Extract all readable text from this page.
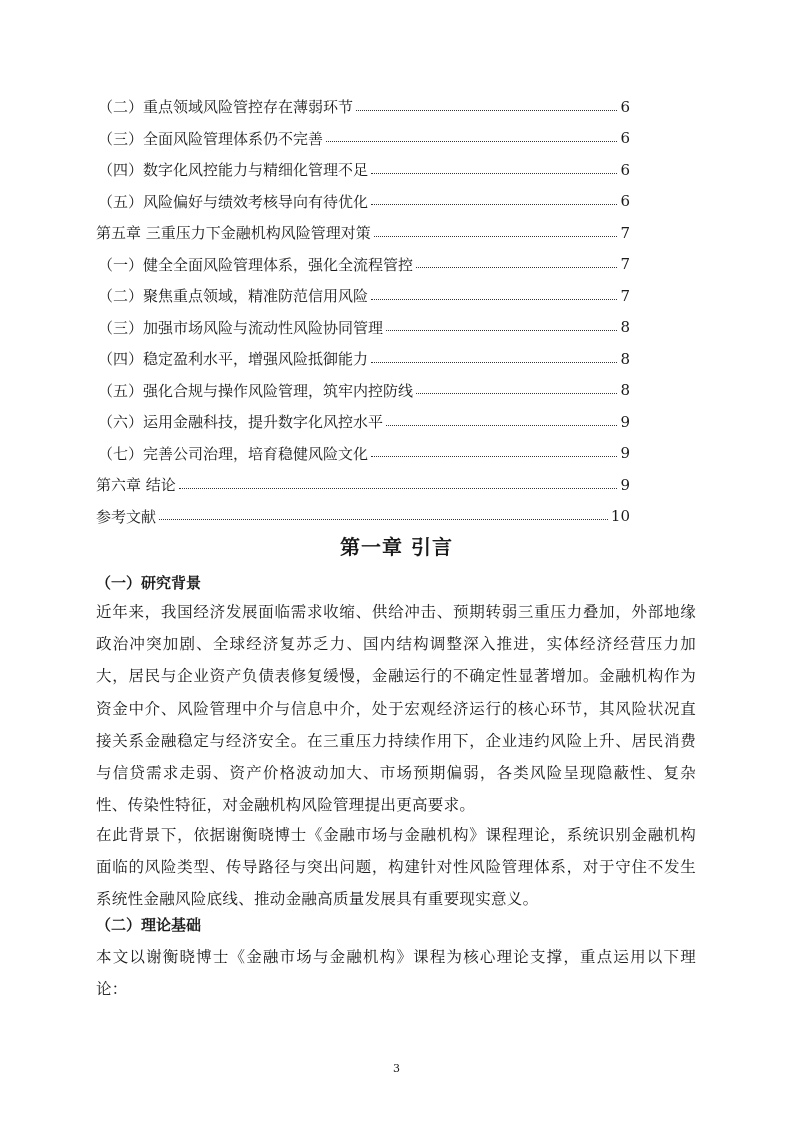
（二）重点领域风险管控存在薄弱环节	6
（三）全面风险管理体系仍不完善	6
（四）数字化风控能力与精细化管理不足	6
（五）风险偏好与绩效考核导向有待优化	6
第五章 三重压力下金融机构风险管理对策	7
（一）健全全面风险管理体系，强化全流程管控	7
（二）聚焦重点领域，精准防范信用风险	7
（三）加强市场风险与流动性风险协同管理	8
（四）稳定盈利水平，增强风险抵御能力	8
（五）强化合规与操作风险管理，筑牢内控防线	8
（六）运用金融科技，提升数字化风控水平	9
（七）完善公司治理，培育稳健风险文化	9
第六章 结论	9
参考文献	10
第一章 引言
（一）研究背景
近年来，我国经济发展面临需求收缩、供给冲击、预期转弱三重压力叠加，外部地缘政治冲突加剧、全球经济复苏乏力、国内结构调整深入推进，实体经济经营压力加大，居民与企业资产负债表修复缓慢，金融运行的不确定性显著增加。金融机构作为资金中介、风险管理中介与信息中介，处于宏观经济运行的核心环节，其风险状况直接关系金融稳定与经济安全。在三重压力持续作用下，企业违约风险上升、居民消费与信贷需求走弱、资产价格波动加大、市场预期偏弱，各类风险呈现隐蔽性、复杂性、传染性特征，对金融机构风险管理提出更高要求。
在此背景下，依据谢衡晓博士《金融市场与金融机构》课程理论，系统识别金融机构面临的风险类型、传导路径与突出问题，构建针对性风险管理体系，对于守住不发生系统性金融风险底线、推动金融高质量发展具有重要现实意义。
（二）理论基础
本文以谢衡晓博士《金融市场与金融机构》课程为核心理论支撑，重点运用以下理论：
3
